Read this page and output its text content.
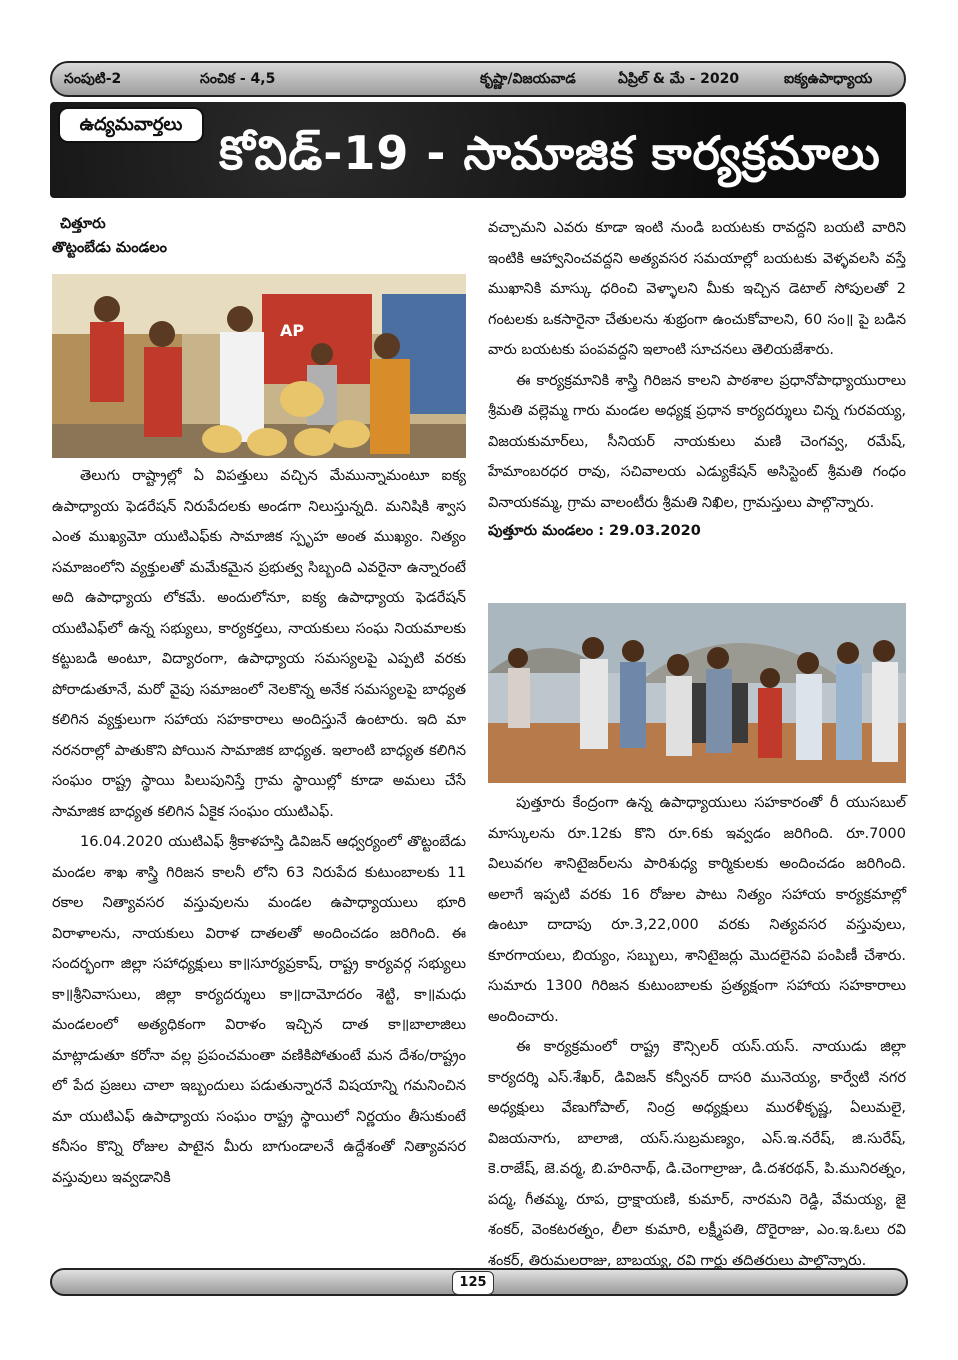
సంపుటి-2	సంచిక - 4,5	కృష్ణా/విజయవాడ	ఏప్రిల్ & మే - 2020	ఐక్యఉపాధ్యాయ
ఉద్యమవార్తలు
కోవిడ్-19 - సామాజిక కార్యక్రమాలు

చిత్తూరు

తొట్టంబేడు మండలం

AP

తెలుగు రాష్ట్రాల్లో ఏ విపత్తులు వచ్చిన మేమున్నామంటూ ఐక్య ఉపాధ్యాయ ఫెడరేషన్ నిరుపేదలకు అండగా నిలుస్తున్నది. మనిషికి శ్వాస ఎంత ముఖ్యమో యుటిఎఫ్‌కు సామాజిక స్పృహ అంత ముఖ్యం. నిత్యం సమాజంలోని వ్యక్తులతో మమేకమైన ప్రభుత్వ సిబ్బంది ఎవరైనా ఉన్నారంటే అది ఉపాధ్యాయ లోకమే. అందులోనూ, ఐక్య ఉపాధ్యాయ ఫెడరేషన్ యుటిఎఫ్‌లో ఉన్న సభ్యులు, కార్యకర్తలు, నాయకులు సంఘ నియమాలకు కట్టుబడి అంటూ, విద్యారంగా, ఉపాధ్యాయ సమస్యలపై ఎప్పటి వరకు పోరాడుతూనే, మరో వైపు సమాజంలో నెలకొన్న అనేక సమస్యలపై బాధ్యత కలిగిన వ్యక్తులుగా సహాయ సహకారాలు అందిస్తునే ఉంటారు. ఇది మా నరనరాల్లో పాతుకొని పోయిన సామాజిక బాధ్యత. ఇలాంటి బాధ్యత కలిగిన సంఘం రాష్ట్ర స్థాయి పిలుపునిస్తే గ్రామ స్థాయిల్లో కూడా అమలు చేసే సామాజిక బాధ్యత కలిగిన ఏకైక సంఘం యుటిఎఫ్.

16.04.2020 యుటిఎఫ్ శ్రీకాళహస్తి డివిజన్ ఆధ్వర్యంలో తొట్టంబేడు మండల శాఖ శాస్త్రి గిరిజన కాలనీ లోని 63 నిరుపేద కుటుంబాలకు 11 రకాల నిత్యావసర వస్తువులను మండల ఉపాధ్యాయులు భూరి విరాళాలను, నాయకులు విరాళ దాతలతో అందించడం జరిగింది. ఈ సందర్భంగా జిల్లా సహాధ్యక్షులు కా॥సూర్యప్రకాష్, రాష్ట్ర కార్యవర్గ సభ్యులు కా॥శ్రీనివాసులు, జిల్లా కార్యదర్శులు కా॥దామోదరం శెట్టి, కా॥మధు మండలంలో అత్యధికంగా విరాళం ఇచ్చిన దాత కా॥బాలాజిలు మాట్లాడుతూ కరోనా వల్ల ప్రపంచమంతా వణికిపోతుంటే మన దేశం/రాష్ట్రం లో పేద ప్రజలు చాలా ఇబ్బందులు పడుతున్నారనే విషయాన్ని గమనించిన మా యుటిఎఫ్ ఉపాధ్యాయ సంఘం రాష్ట్ర స్థాయిలో నిర్ణయం తీసుకుంటే కనీసం కొన్ని రోజుల పాటైన మీరు బాగుండాలనే ఉద్దేశంతో నిత్యావసర వస్తువులు ఇవ్వడానికి

వచ్చామని ఎవరు కూడా ఇంటి నుండి బయటకు రావద్దని బయటి వారిని ఇంటికి ఆహ్వానించవద్దని అత్యవసర సమయాల్లో బయటకు వెళ్ళవలసి వస్తే ముఖానికి మాస్కు ధరించి వెళ్ళాలని మీకు ఇచ్చిన డెటాల్ సోపులతో 2 గంటలకు ఒకసారైనా చేతులను శుభ్రంగా ఉంచుకోవాలని, 60 సం॥ పై బడిన వారు బయటకు పంపవద్దని ఇలాంటి సూచనలు తెలియజేశారు.

ఈ కార్యక్రమానికి శాస్త్రి గిరిజన కాలని పాఠశాల ప్రధానోపాధ్యాయురాలు శ్రీమతి వల్లెమ్మ గారు మండల అధ్యక్ష ప్రధాన కార్యదర్శులు చిన్న గురవయ్య, విజయకుమార్‌లు, సీనియర్ నాయకులు మణి చెంగవ్వ, రమేష్, హేమాంబరధర రావు, సచివాలయ ఎడ్యుకేషన్ అసిస్టెంట్ శ్రీమతి గంధం వినాయకమ్మ, గ్రామ వాలంటీరు శ్రీమతి నిఖిల, గ్రామస్తులు పాల్గొన్నారు.

పుత్తూరు మండలం : 29.03.2020

పుత్తూరు కేంద్రంగా ఉన్న ఉపాధ్యాయులు సహకారంతో రీ యుసబుల్ మాస్కులను రూ.12కు కొని రూ.6కు ఇవ్వడం జరిగింది. రూ.7000 విలువగల శానిటైజర్‌లను పారిశుధ్య కార్మికులకు అందించడం జరిగింది. అలాగే ఇప్పటి వరకు 16 రోజుల పాటు నిత్యం సహాయ కార్యక్రమాల్లో ఉంటూ దాదాపు రూ.3,22,000 వరకు నిత్యవసర వస్తువులు, కూరగాయలు, బియ్యం, సబ్బులు, శానిటైజర్లు మొదలైనవి పంపిణీ చేశారు. సుమారు 1300 గిరిజన కుటుంబాలకు ప్రత్యక్షంగా సహాయ సహకారాలు అందించారు.

ఈ కార్యక్రమంలో రాష్ట్ర కౌన్సిలర్ యస్.యస్. నాయుడు జిల్లా కార్యదర్శి ఎస్.శేఖర్, డివిజన్ కన్వీనర్ దాసరి మునెయ్య, కార్వేటి నగర అధ్యక్షులు వేణుగోపాల్, నింద్ర అధ్యక్షులు మురళీకృష్ణ, ఏలుమలై, విజయనాగు, బాలాజి, యస్.సుబ్రమణ్యం, ఎస్.ఇ.నరేష్, జి.సురేష్, కె.రాజేష్, జె.వర్మ, బి.హరినాథ్, డి.చెంగాల్రాజు, డి.దశరథన్, పి.మునిరత్నం, పద్మ, గీతమ్మ, రూప, ద్రాక్షాయణి, కుమార్, నారమని రెడ్డి, వేమయ్య, జై శంకర్, వెంకటరత్నం, లీలా కుమారి, లక్ష్మీపతి, దొరైరాజు, ఎం.ఇ.ఓలు రవి శంకర్, తిరుమలరాజు, బాబయ్య, రవి గార్లు తదితరులు పాల్గొన్నారు.

125
